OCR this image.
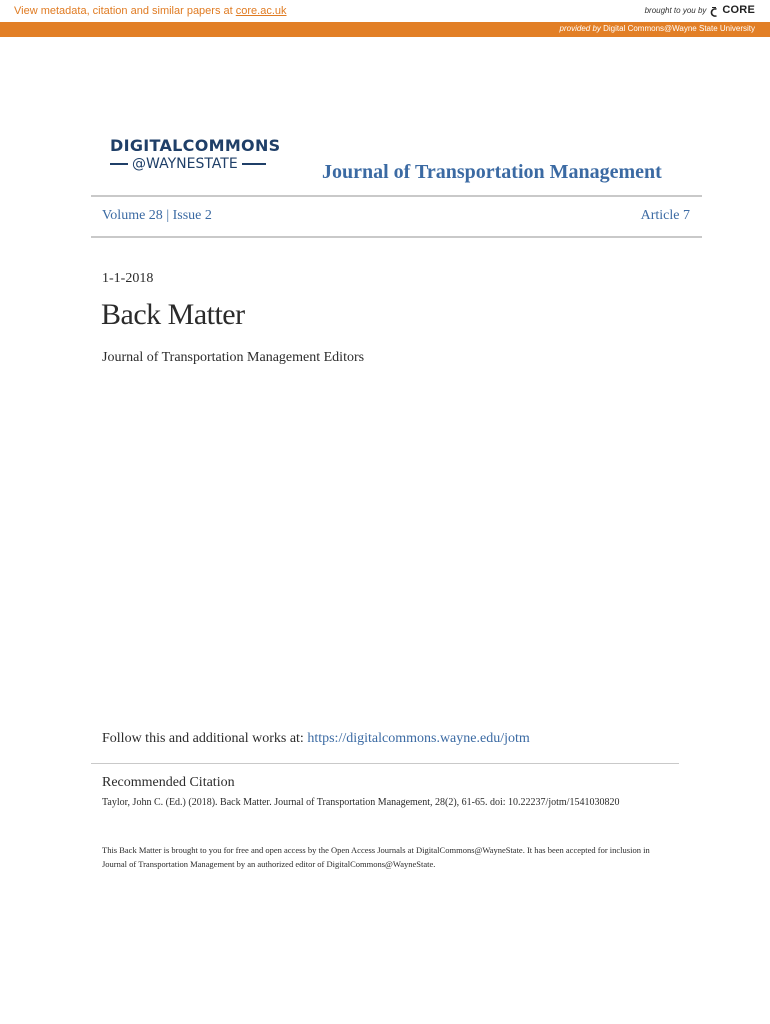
View metadata, citation and similar papers at core.ac.uk	brought to you by CORE
provided by Digital Commons@Wayne State University
DIGITALCOMMONS
@WAYNESTATE	Journal of Transportation Management
Volume 28 | Issue 2	Article 7
1-1-2018
Back Matter
Journal of Transportation Management Editors
Follow this and additional works at: https://digitalcommons.wayne.edu/jotm
Recommended Citation
Taylor, John C. (Ed.) (2018). Back Matter. Journal of Transportation Management, 28(2), 61-65. doi: 10.22237/jotm/1541030820
This Back Matter is brought to you for free and open access by the Open Access Journals at DigitalCommons@WayneState. It has been accepted for inclusion in Journal of Transportation Management by an authorized editor of DigitalCommons@WayneState.
